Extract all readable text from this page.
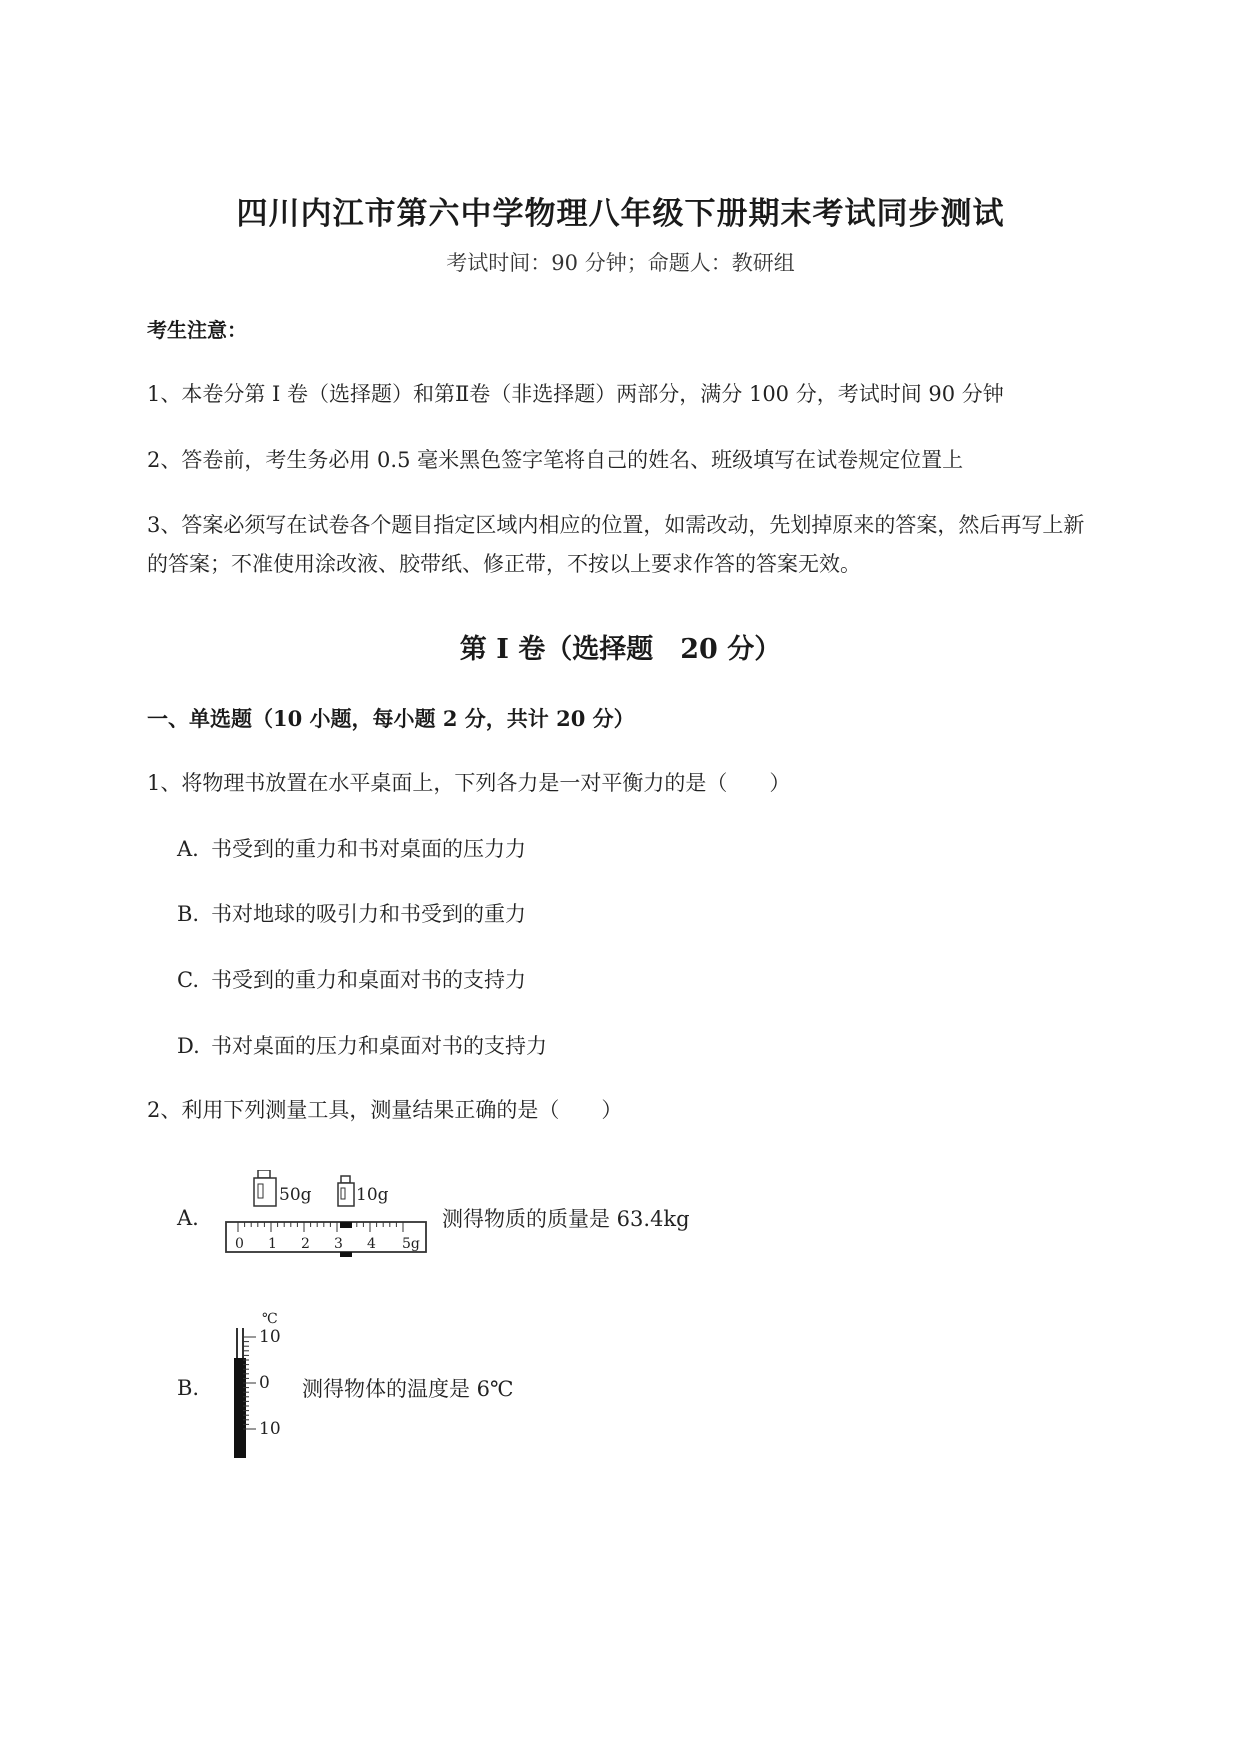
四川内江市第六中学物理八年级下册期末考试同步测试
考试时间：90 分钟；命题人：教研组
考生注意：
1、本卷分第 I 卷（选择题）和第Ⅱ卷（非选择题）两部分，满分 100 分，考试时间 90 分钟
2、答卷前，考生务必用 0.5 毫米黑色签字笔将自己的姓名、班级填写在试卷规定位置上
3、答案必须写在试卷各个题目指定区域内相应的位置，如需改动，先划掉原来的答案，然后再写上新
的答案；不准使用涂改液、胶带纸、修正带，不按以上要求作答的答案无效。
第 I 卷（选择题　20 分）
一、单选题（10 小题，每小题 2 分，共计 20 分）
1、将物理书放置在水平桌面上，下列各力是一对平衡力的是（　　）
A. 书受到的重力和书对桌面的压力力
B. 书对地球的吸引力和书受到的重力
C. 书受到的重力和桌面对书的支持力
D. 书对桌面的压力和桌面对书的支持力
2、利用下列测量工具，测量结果正确的是（　　）
A.
50g	10g
0 1 2 3 4 5g
测得物质的质量是 63.4kg
B.
℃
10
0
10
测得物体的温度是 6℃
